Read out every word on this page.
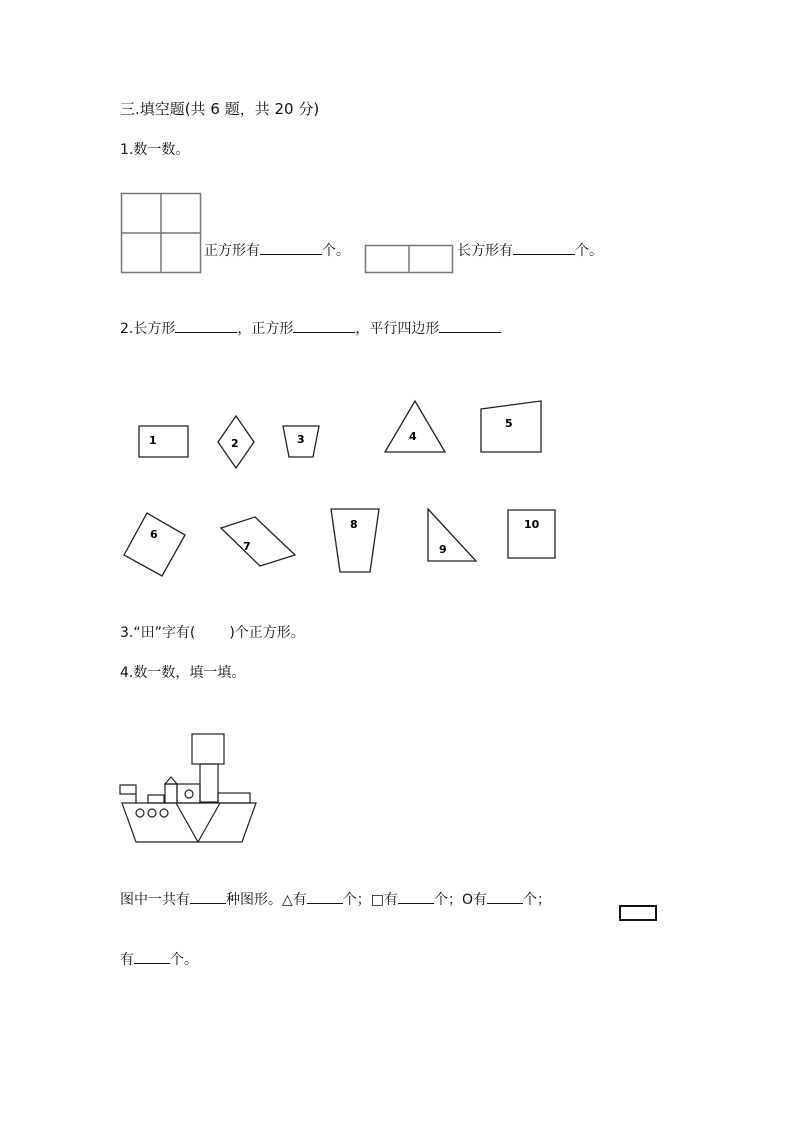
三.填空题(共 6 题，共 20 分)
1.数一数。
正方形有	个。	长方形有	个。
2.长方形	，正方形	，平行四边形
1	2	3	4
5
6
7
8
9
10
3.“田”字有( )个正方形。
4.数一数，填一填。
图中一共有	种图形。△有	个；□有	个；O有	个；
有	个。
